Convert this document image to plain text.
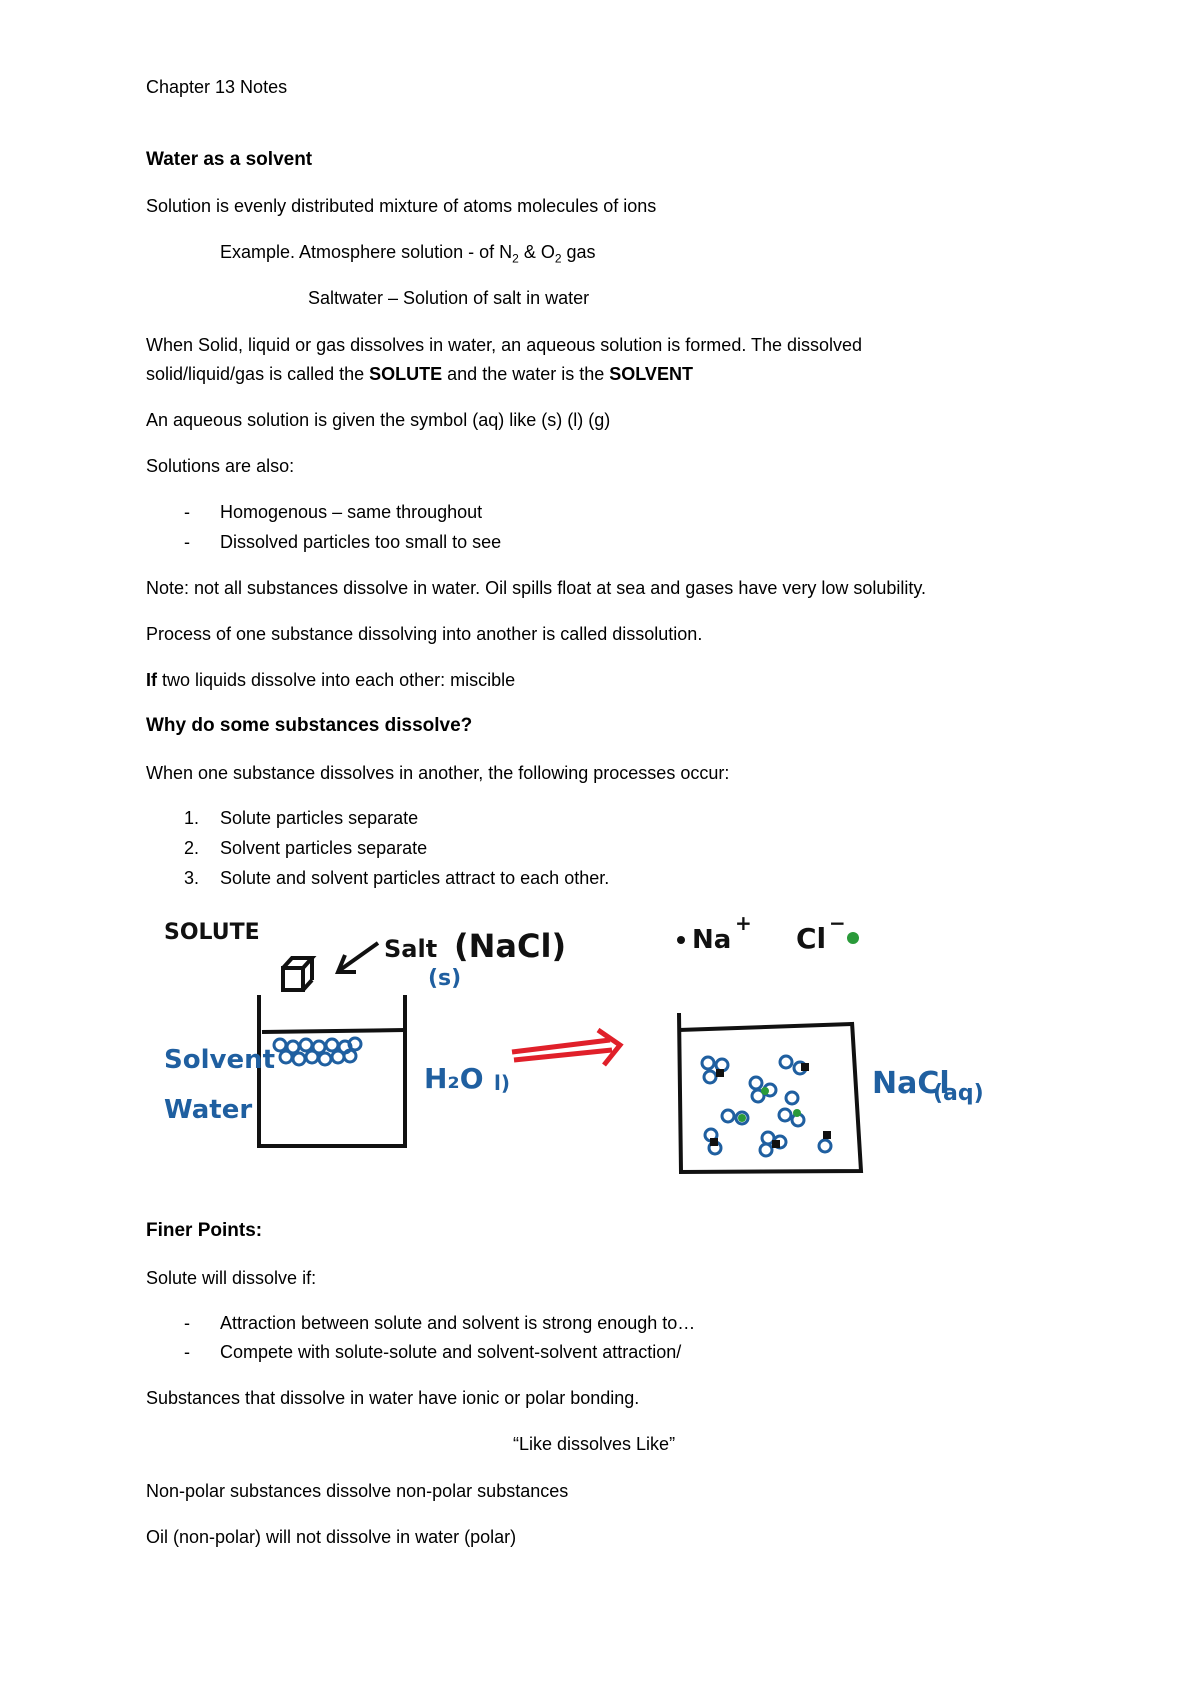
Chapter 13 Notes

Water as a solvent

Solution is evenly distributed mixture of atoms molecules of ions

Example. Atmosphere solution - of $N_2$ & $O_2$ gas

Saltwater – Solution of salt in water

When Solid, liquid or gas dissolves in water, an aqueous solution is formed. The dissolved

solid/liquid/gas is called the SOLUTE and the water is the SOLVENT

An aqueous solution is given the symbol (aq) like (s) (l) (g)

Solutions are also:

- Homogenous – same throughout
- Dissolved particles too small to see

Note: not all substances dissolve in water. Oil spills float at sea and gases have very low solubility.

Process of one substance dissolving into another is called dissolution.

If two liquids dissolve into each other: miscible

Why do some substances dissolve?

When one substance dissolves in another, the following processes occur:

1. Solute particles separate
2. Solvent particles separate
3. Solute and solvent particles attract to each other.
SOLUTE
Salt (NaCl)
(s)
Solvent
Water
H₂O l)
Na
+ Cl −
NaCl
(aq)

Finer Points:

Solute will dissolve if:

- Attraction between solute and solvent is strong enough to…
- Compete with solute-solute and solvent-solvent attraction/

Substances that dissolve in water have ionic or polar bonding.

“Like dissolves Like”

Non-polar substances dissolve non-polar substances

Oil (non-polar) will not dissolve in water (polar)
